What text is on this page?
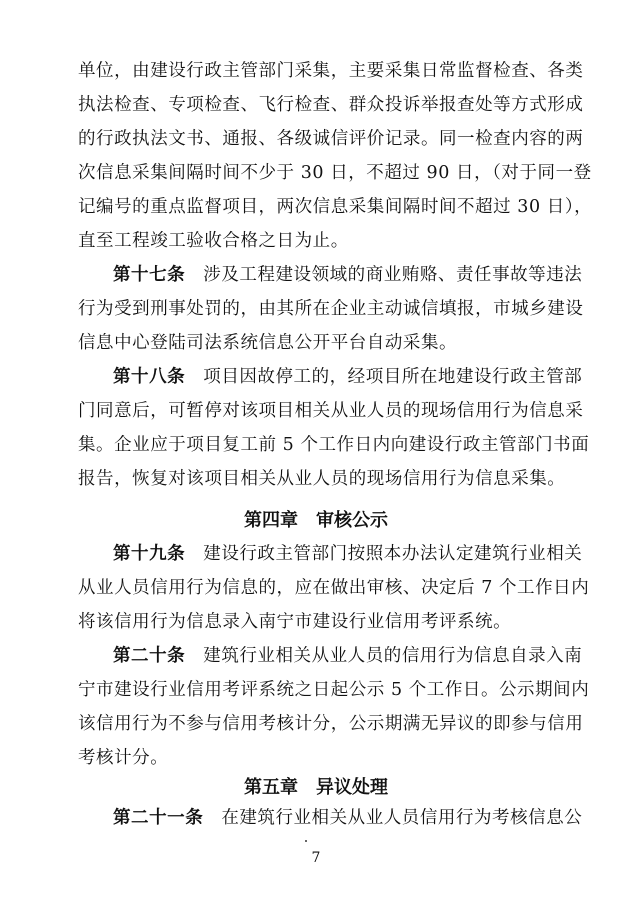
单位，由建设行政主管部门采集，主要采集日常监督检查、各类
执法检查、专项检查、飞行检查、群众投诉举报查处等方式形成
的行政执法文书、通报、各级诚信评价记录。同一检查内容的两
次信息采集间隔时间不少于 30 日，不超过 90 日，（对于同一登
记编号的重点监督项目，两次信息采集间隔时间不超过 30 日），
直至工程竣工验收合格之日为止。
第十七条  涉及工程建设领域的商业贿赂、责任事故等违法
行为受到刑事处罚的，由其所在企业主动诚信填报，市城乡建设
信息中心登陆司法系统信息公开平台自动采集。
第十八条  项目因故停工的，经项目所在地建设行政主管部
门同意后，可暂停对该项目相关从业人员的现场信用行为信息采
集。企业应于项目复工前 5 个工作日内向建设行政主管部门书面
报告，恢复对该项目相关从业人员的现场信用行为信息采集。
第四章　审核公示
第十九条  建设行政主管部门按照本办法认定建筑行业相关
从业人员信用行为信息的，应在做出审核、决定后 7 个工作日内
将该信用行为信息录入南宁市建设行业信用考评系统。
第二十条  建筑行业相关从业人员的信用行为信息自录入南
宁市建设行业信用考评系统之日起公示 5 个工作日。公示期间内
该信用行为不参与信用考核计分，公示期满无异议的即参与信用
考核计分。
第五章　异议处理
第二十一条  在建筑行业相关从业人员信用行为考核信息公
7
